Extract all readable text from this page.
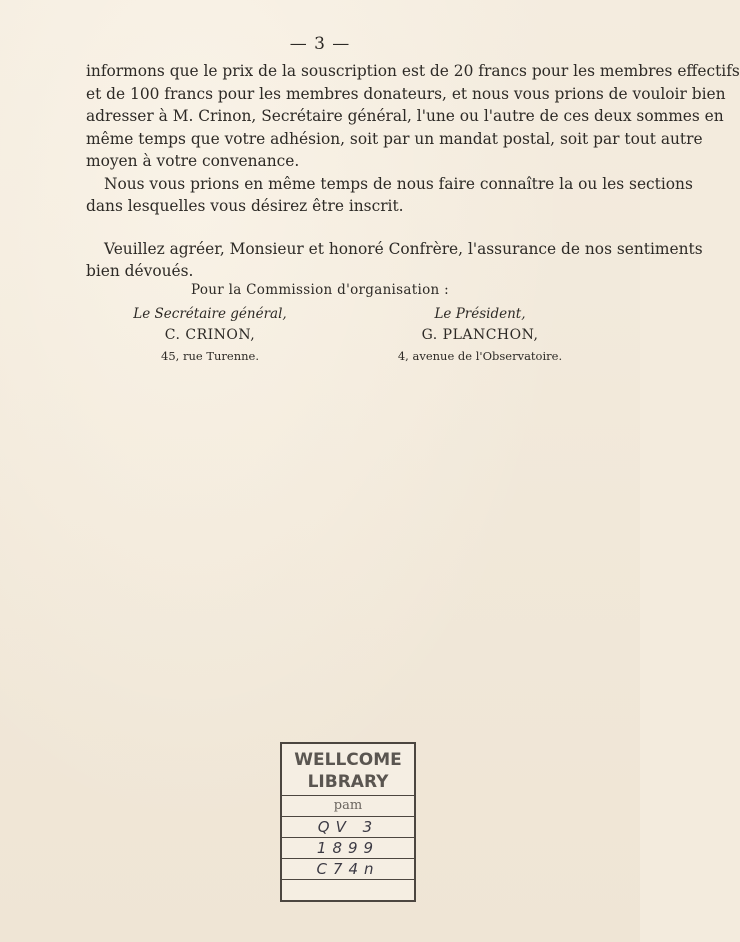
— 3 —

informons que le prix de la souscription est de 20 francs pour les membres effectifs
et de 100 francs pour les membres donateurs, et nous vous prions de vouloir bien
adresser à M. Crinon, Secrétaire général, l'une ou l'autre de ces deux sommes en
même temps que votre adhésion, soit par un mandat postal, soit par tout autre
moyen à votre convenance.

Nous vous prions en même temps de nous faire connaître la ou les sections
dans lesquelles vous désirez être inscrit.

Veuillez agréer, Monsieur et honoré Confrère, l'assurance de nos sentiments
bien dévoués.

Pour la Commission d'organisation :
Le Secrétaire général,
C. CRINON,
45, rue Turenne.
Le Président,
G. PLANCHON,
4, avenue de l'Observatoire.
WELLCOME
LIBRARY
pam
QV 3
1899
C74n
